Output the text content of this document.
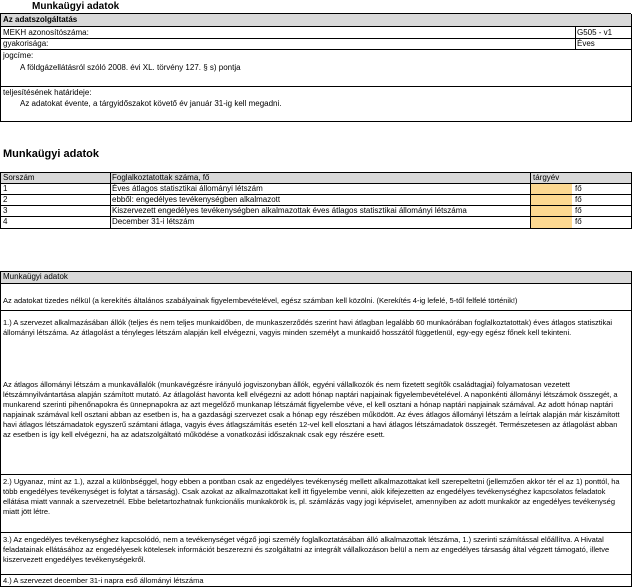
Munkaügyi adatok
Az adatszolgáltatás
MEKH azonosítószáma:	G505 - v1
gyakorisága:	Éves
jogcíme:
A földgázellátásról szóló 2008. évi XL. törvény 127. § s) pontja
teljesítésének határideje:
Az adatokat évente, a tárgyidőszakot követő év január 31-ig kell megadni.
Munkaügyi adatok
Sorszám	Foglalkoztatottak száma, fő	tárgyév
1	Éves átlagos statisztikai állományi létszám	fő
2	ebből: engedélyes tevékenységben alkalmazott	fő
3	Kiszervezett engedélyes tevékenységben alkalmazottak éves átlagos statisztikai állományi létszáma	fő
4	December 31-i létszám	fő
Munkaügyi adatok
Az adatokat tizedes nélkül (a kerekítés általános szabályainak figyelembevételével, egész számban kell közölni. (Kerekítés 4-ig lefelé, 5-től felfelé történik!)
1.) A szervezet alkalmazásában állók (teljes és nem teljes munkaidőben, de munkaszerződés szerint havi átlagban legalább 60 munkaórában foglalkoztatottak) éves átlagos statisztikai állományi létszáma. Az átlagolást a tényleges létszám alapján kell elvégezni, vagyis minden személyt a munkaidő hosszától függetlenül, egy-egy egész főnek kell tekinteni.
Az átlagos állományi létszám a munkavállalók (munkavégzésre irányuló jogviszonyban állók, egyéni vállalkozók és nem fizetett segítők családtagjai) folyamatosan vezetett létszámnyilvántartása alapján számított mutató. Az átlagolást havonta kell elvégezni az adott hónap naptári napjainak figyelembevételével. A naponkénti állományi létszámok összegét, a munkarend szerinti pihenőnapokra és ünnepnapokra az azt megelőző munkanap létszámát figyelembe véve, el kell osztani a hónap naptári napjainak számával. Az adott hónap naptári napjainak számával kell osztani abban az esetben is, ha a gazdasági szervezet csak a hónap egy részében működött. Az éves átlagos állományi létszám a leírtak alapján már kiszámított havi átlagos létszámadatok egyszerű számtani átlaga, vagyis éves átlagszámítás esetén 12-vel kell elosztani a havi átlagos létszámadatok összegét. Természetesen az átlagolást abban az esetben is így kell elvégezni, ha az adatszolgáltató működése a vonatkozási időszaknak csak egy részére esett.
2.) Ugyanaz, mint az 1.), azzal a különbséggel, hogy ebben a pontban csak az engedélyes tevékenység mellett alkalmazottakat kell szerepeltetni (jellemzően akkor tér el az 1) ponttól, ha több engedélyes tevékenységet is folytat a társaság). Csak azokat az alkalmazottakat kell itt figyelembe venni, akik kifejezetten az engedélyes tevékenységhez kapcsolatos feladatok ellátása miatt vannak a szervezetnél. Ebbe beletartozhatnak funkcionális munkakörök is, pl. számlázás vagy jogi képviselet, amennyiben az adott munkakör az engedélyes tevékenység miatt jött létre.
3.) Az engedélyes tevékenységhez kapcsolódó, nem a tevékenységet végző jogi személy foglalkoztatásában álló alkalmazottak létszáma, 1.) szerinti számítással előállítva. A Hivatal feladatainak ellátásához az engedélyesek kötelesek információt beszerezni és szolgáltatni az integrált vállalkozáson belül a nem az engedélyes társaság által végzett támogató, illetve kiszervezett engedélyes tevékenységekről.
4.) A szervezet december 31-i napra eső állományi létszáma
